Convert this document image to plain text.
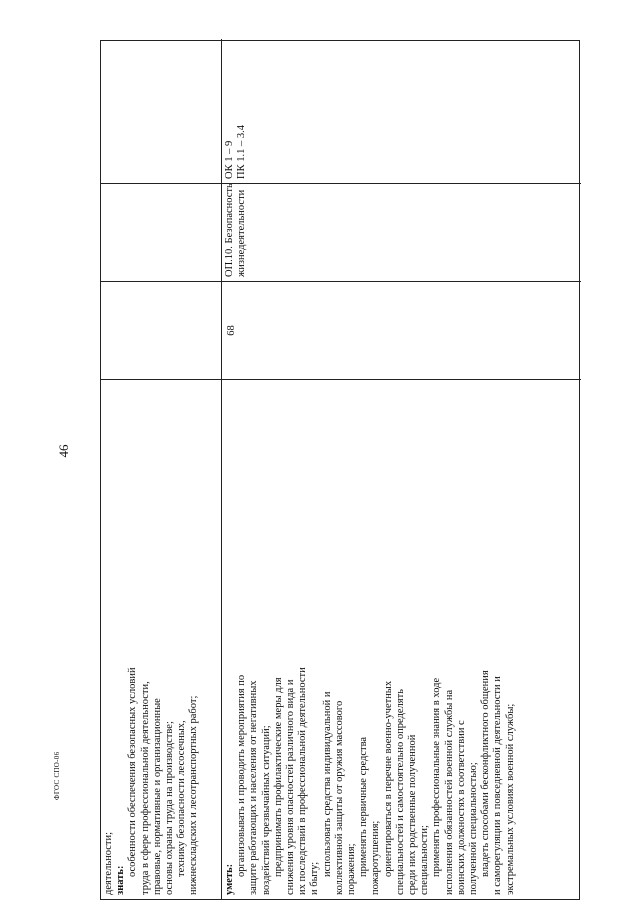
46
ФГОС СПО-06
деятельности; знать:
особенности обеспечения безопасных условий труда в сфере профессиональной деятельности, правовые, нормативные и организационные основы охраны труда на производстве; технику безопасности лесосечных, нижнескладских и лесотранспортных работ; уметь:
организовывать и проводить мероприятия по защите работающих и населения от негативных воздействий чрезвычайных ситуаций; предпринимать профилактические меры для снижения уровня опасностей различного вида и их последствий в профессиональной деятельности и быту;
использовать средства индивидуальной и коллективной защиты от оружия массового поражения; применять первичные средства пожаротушения; ориентироваться в перечне военно-учетных специальностей и самостоятельно определять среди них родственные полученной специальности; применять профессиональные знания в ходе исполнения обязанностей военной службы на воинских должностях в соответствии с полученной специальностью; владеть способами бесконфликтного общения и саморегуляции в повседневной деятельности и экстремальных условиях военной службы;
68
ОП.10. Безопасность жизнедеятельности
ОК 1 – 9 ПК 1.1 – 3.4
